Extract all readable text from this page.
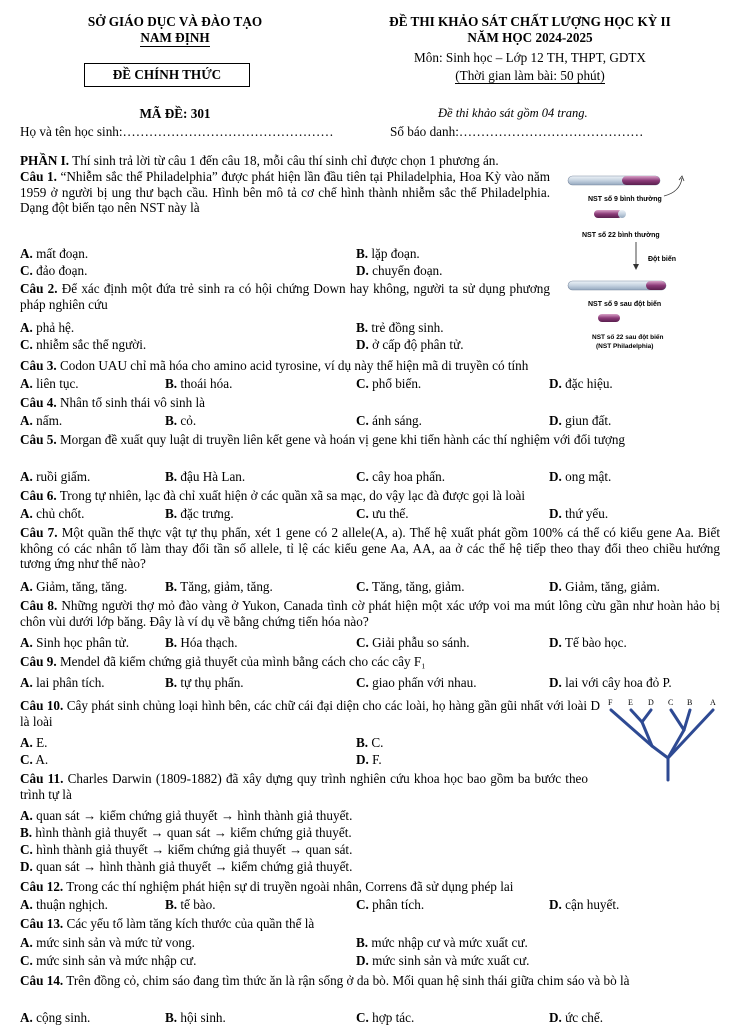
SỞ GIÁO DỤC VÀ ĐÀO TẠO
NAM ĐỊNH
ĐỀ CHÍNH THỨC
ĐỀ THI KHẢO SÁT CHẤT LƯỢNG HỌC KỲ II
NĂM HỌC 2024-2025
Môn: Sinh học – Lớp 12 TH, THPT, GDTX
(Thời gian làm bài: 50 phút)
MÃ ĐỀ: 301	Đề thi khảo sát gồm 04 trang.
Họ và tên học sinh:…………………………………………	Số báo danh:……………………………………
PHẦN I. Thí sinh trả lời từ câu 1 đến câu 18, mỗi câu thí sinh chỉ được chọn 1 phương án.
NST số 9 bình thường
NST số 22 bình thường
Đột biến
NST số 9 sau đột biến
NST số 22 sau đột biến
(NST Philadelphia)
Câu 1. “Nhiễm sắc thể Philadelphia” được phát hiện lần đầu tiên tại Philadelphia, Hoa Kỳ vào năm 1959 ở người bị ung thư bạch cầu. Hình bên mô tả cơ chế hình thành nhiễm sắc thể Philadelphia. Dạng đột biến tạo nên NST này là
A. mất đoạn.	B. lặp đoạn.
C. đảo đoạn.	D. chuyển đoạn.
Câu 2. Để xác định một đứa trẻ sinh ra có hội chứng Down hay không, người ta sử dụng phương pháp nghiên cứu
A. phả hệ.	B. trẻ đồng sinh.
C. nhiễm sắc thể người.	D. ở cấp độ phân tử.
Câu 3. Codon UAU chỉ mã hóa cho amino acid tyrosine, ví dụ này thể hiện mã di truyền có tính
A. liên tục.	B. thoái hóa.	C. phổ biến.	D. đặc hiệu.
Câu 4. Nhân tố sinh thái vô sinh là
A. nấm.	B. cỏ.	C. ánh sáng.	D. giun đất.
Câu 5. Morgan đề xuất quy luật di truyền liên kết gene và hoán vị gene khi tiến hành các thí nghiệm với đối tượng
A. ruồi giấm.	B. đậu Hà Lan.	C. cây hoa phấn.	D. ong mật.
Câu 6. Trong tự nhiên, lạc đà chỉ xuất hiện ở các quần xã sa mạc, do vậy lạc đà được gọi là loài
A. chủ chốt.	B. đặc trưng.	C. ưu thế.	D. thứ yếu.
Câu 7. Một quần thể thực vật tự thụ phấn, xét 1 gene có 2 allele(A, a). Thế hệ xuất phát gồm 100% cá thể có kiểu gene Aa. Biết không có các nhân tố làm thay đổi tần số allele, tỉ lệ các kiểu gene Aa, AA, aa ở các thế hệ tiếp theo thay đổi theo chiều hướng tương ứng như thế nào?
A. Giảm, tăng, tăng.	B. Tăng, giảm, tăng.	C. Tăng, tăng, giảm.	D. Giảm, tăng, giảm.
Câu 8. Những người thợ mỏ đào vàng ở Yukon, Canada tình cờ phát hiện một xác ướp voi ma mút lông cừu gần như hoàn hảo bị chôn vùi dưới lớp băng. Đây là ví dụ về bằng chứng tiến hóa nào?
A. Sinh học phân tử.	B. Hóa thạch.	C. Giải phẫu so sánh.	D. Tế bào học.
Câu 9. Mendel đã kiểm chứng giả thuyết của mình bằng cách cho các cây F₁
A. lai phân tích.	B. tự thụ phấn.	C. giao phấn với nhau.	D. lai với cây hoa đỏ P.
F E D C B A
Câu 10. Cây phát sinh chủng loại hình bên, các chữ cái đại diện cho các loài, họ hàng gần gũi nhất với loài D là loài
A. E.	B. C.
C. A.	D. F.
Câu 11. Charles Darwin (1809-1882) đã xây dựng quy trình nghiên cứu khoa học bao gồm ba bước theo trình tự là
A. quan sát → kiểm chứng giả thuyết → hình thành giả thuyết.
B. hình thành giả thuyết → quan sát → kiểm chứng giả thuyết.
C. hình thành giả thuyết → kiểm chứng giả thuyết → quan sát.
D. quan sát → hình thành giả thuyết → kiểm chứng giả thuyết.
Câu 12. Trong các thí nghiệm phát hiện sự di truyền ngoài nhân, Correns đã sử dụng phép lai
A. thuận nghịch.	B. tế bào.	C. phân tích.	D. cận huyết.
Câu 13. Các yếu tố làm tăng kích thước của quần thể là
A. mức sinh sản và mức tử vong.	B. mức nhập cư và mức xuất cư.
C. mức sinh sản và mức nhập cư.	D. mức sinh sản và mức xuất cư.
Câu 14. Trên đồng cỏ, chim sáo đang tìm thức ăn là rận sống ở da bò. Mối quan hệ sinh thái giữa chim sáo và bò là
A. cộng sinh.	B. hội sinh.	C. hợp tác.	D. ức chế.
